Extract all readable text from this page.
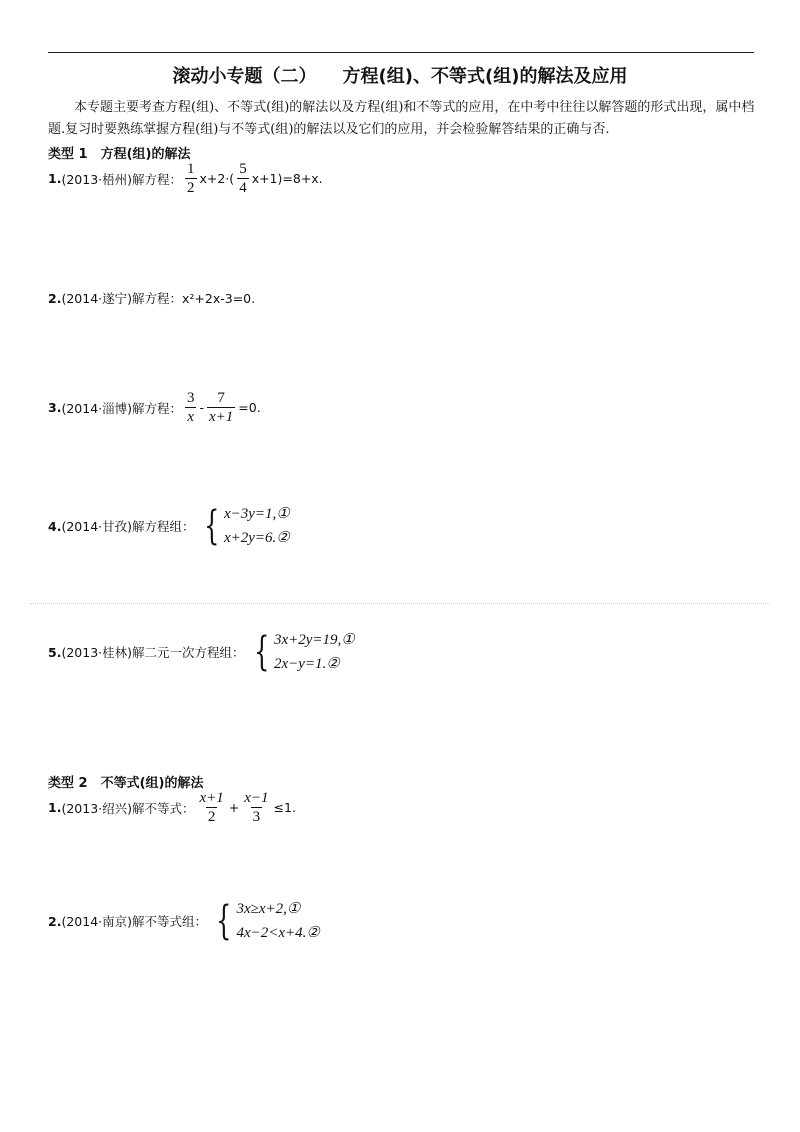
滚动小专题（二） 方程(组)、不等式(组)的解法及应用
本专题主要考查方程(组)、不等式(组)的解法以及方程(组)和不等式的应用，在中考中往往以解答题的形式出现，属中档题.复习时要熟练掌握方程(组)与不等式(组)的解法以及它们的应用，并会检验解答结果的正确与否.
类型 1　方程(组)的解法
1. (2013·梧州)解方程： $\frac{1}{2} x+2\cdot( \frac{5}{4} x+1)=8+x$.
2. (2014·遂宁)解方程： x²+2x-3=0.
3. (2014·淄博)解方程： $\frac{3}{x} - \frac{7}{x+1} =0$.
4. (2014·甘孜)解方程组： { x−3y=1,①
x+2y=6.②
5. (2013·桂林)解二元一次方程组： { 3x+2y=19,①
2x−y=1.②
类型 2　不等式(组)的解法
1. (2013·绍兴)解不等式： $\frac{x+1}{2} + \frac{x-1}{3} \le 1$.
2. (2014·南京)解不等式组： { 3x≥x+2,①
4x−2<x+4.②
